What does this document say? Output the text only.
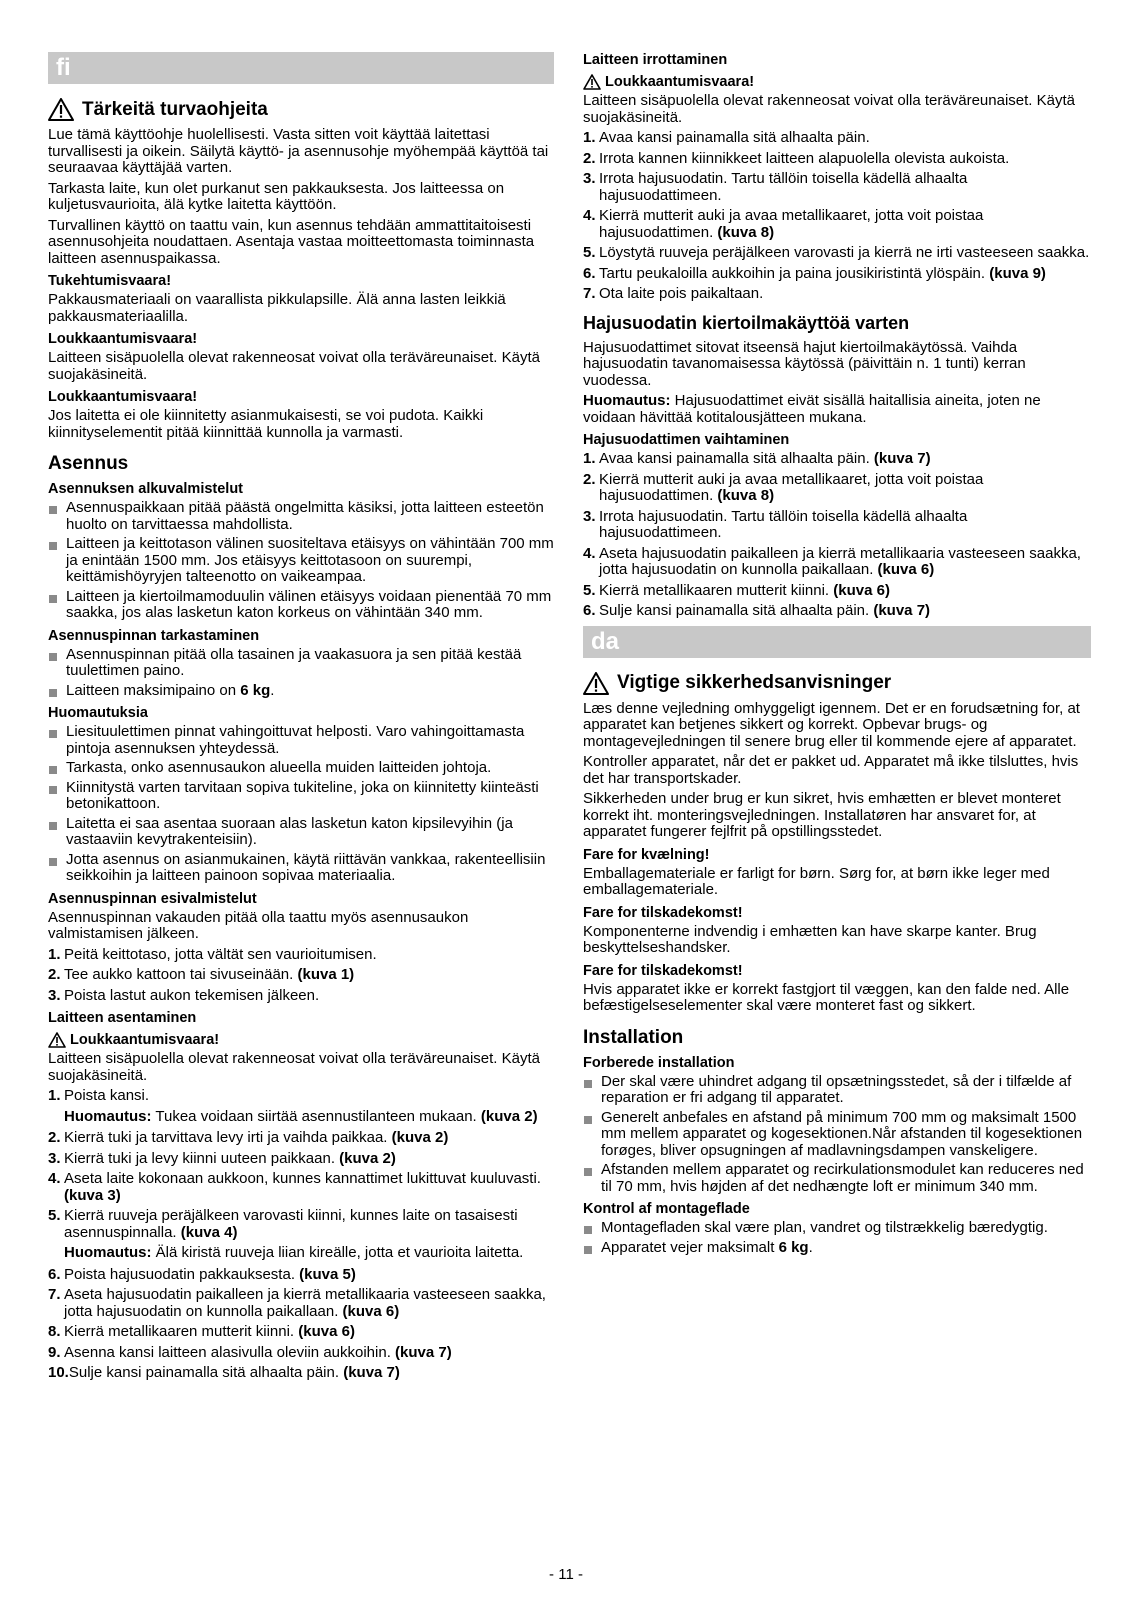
fi
Tärkeitä turvaohjeita

Lue tämä käyttöohje huolellisesti. Vasta sitten voit käyttää laitettasi turvallisesti ja oikein. Säilytä käyttö- ja asennusohje myöhempää käyttöä tai seuraavaa käyttäjää varten.

Tarkasta laite, kun olet purkanut sen pakkauksesta. Jos laitteessa on kuljetusvaurioita, älä kytke laitetta käyttöön.

Turvallinen käyttö on taattu vain, kun asennus tehdään ammattitaitoisesti asennusohjeita noudattaen. Asentaja vastaa moitteettomasta toiminnasta laitteen asennuspaikassa.

Tukehtumisvaara!

Pakkausmateriaali on vaarallista pikkulapsille. Älä anna lasten leikkiä pakkausmateriaalilla.

Loukkaantumisvaara!

Laitteen sisäpuolella olevat rakenneosat voivat olla teräväreunaiset. Käytä suojakäsineitä.

Loukkaantumisvaara!

Jos laitetta ei ole kiinnitetty asianmukaisesti, se voi pudota. Kaikki kiinnityselementit pitää kiinnittää kunnolla ja varmasti.

Asennus
Asennuksen alkuvalmistelut
Asennuspaikkaan pitää päästä ongelmitta käsiksi, jotta laitteen esteetön huolto on tarvittaessa mahdollista.
Laitteen ja keittotason välinen suositeltava etäisyys on vähintään 700 mm ja enintään 1500 mm. Jos etäisyys keittotasoon on suurempi, keittämishöyryjen talteenotto on vaikeampaa.
Laitteen ja kiertoilmamoduulin välinen etäisyys voidaan pienentää 70 mm saakka, jos alas lasketun katon korkeus on vähintään 340 mm.
Asennuspinnan tarkastaminen
Asennuspinnan pitää olla tasainen ja vaakasuora ja sen pitää kestää tuulettimen paino.
Laitteen maksimipaino on 6 kg.
Huomautuksia
Liesituulettimen pinnat vahingoittuvat helposti. Varo vahingoittamasta pintoja asennuksen yhteydessä.
Tarkasta, onko asennusaukon alueella muiden laitteiden johtoja.
Kiinnitystä varten tarvitaan sopiva tukiteline, joka on kiinnitetty kiinteästi betonikattoon.
Laitetta ei saa asentaa suoraan alas lasketun katon kipsilevyihin (ja vastaaviin kevytrakenteisiin).
Jotta asennus on asianmukainen, käytä riittävän vankkaa, rakenteellisiin seikkoihin ja laitteen painoon sopivaa materiaalia.
Asennuspinnan esivalmistelut

Asennuspinnan vakauden pitää olla taattu myös asennusaukon valmistamisen jälkeen.

1. Peitä keittotaso, jotta vältät sen vaurioitumisen.
2. Tee aukko kattoon tai sivuseinään. (kuva 1)
3. Poista lastut aukon tekemisen jälkeen.
Laitteen asentaminen
Loukkaantumisvaara!

Laitteen sisäpuolella olevat rakenneosat voivat olla teräväreunaiset. Käytä suojakäsineitä.

1. Poista kansi.
Huomautus: Tukea voidaan siirtää asennustilanteen mukaan. (kuva 2)
2. Kierrä tuki ja tarvittava levy irti ja vaihda paikkaa. (kuva 2)
3. Kierrä tuki ja levy kiinni uuteen paikkaan. (kuva 2)
4. Aseta laite kokonaan aukkoon, kunnes kannattimet lukittuvat kuuluvasti. (kuva 3)
5. Kierrä ruuveja peräjälkeen varovasti kiinni, kunnes laite on tasaisesti asennuspinnalla. (kuva 4)
Huomautus: Älä kiristä ruuveja liian kireälle, jotta et vaurioita laitetta.
6. Poista hajusuodatin pakkauksesta. (kuva 5)
7. Aseta hajusuodatin paikalleen ja kierrä metallikaaria vasteeseen saakka, jotta hajusuodatin on kunnolla paikallaan. (kuva 6)
8. Kierrä metallikaaren mutterit kiinni. (kuva 6)
9. Asenna kansi laitteen alasivulla oleviin aukkoihin. (kuva 7)
10. Sulje kansi painamalla sitä alhaalta päin. (kuva 7)
Laitteen irrottaminen
Loukkaantumisvaara!

Laitteen sisäpuolella olevat rakenneosat voivat olla teräväreunaiset. Käytä suojakäsineitä.

1. Avaa kansi painamalla sitä alhaalta päin.
2. Irrota kannen kiinnikkeet laitteen alapuolella olevista aukoista.
3. Irrota hajusuodatin. Tartu tällöin toisella kädellä alhaalta hajusuodattimeen.
4. Kierrä mutterit auki ja avaa metallikaaret, jotta voit poistaa hajusuodattimen. (kuva 8)
5. Löystytä ruuveja peräjälkeen varovasti ja kierrä ne irti vasteeseen saakka.
6. Tartu peukaloilla aukkoihin ja paina jousikiristintä ylöspäin. (kuva 9)
7. Ota laite pois paikaltaan.
Hajusuodatin kiertoilmakäyttöä varten

Hajusuodattimet sitovat itseensä hajut kiertoilmakäytössä. Vaihda hajusuodatin tavanomaisessa käytössä (päivittäin n. 1 tunti) kerran vuodessa.

Huomautus: Hajusuodattimet eivät sisällä haitallisia aineita, joten ne voidaan hävittää kotitalousjätteen mukana.

Hajusuodattimen vaihtaminen
1. Avaa kansi painamalla sitä alhaalta päin. (kuva 7)
2. Kierrä mutterit auki ja avaa metallikaaret, jotta voit poistaa hajusuodattimen. (kuva 8)
3. Irrota hajusuodatin. Tartu tällöin toisella kädellä alhaalta hajusuodattimeen.
4. Aseta hajusuodatin paikalleen ja kierrä metallikaaria vasteeseen saakka, jotta hajusuodatin on kunnolla paikallaan. (kuva 6)
5. Kierrä metallikaaren mutterit kiinni. (kuva 6)
6. Sulje kansi painamalla sitä alhaalta päin. (kuva 7)
da
Vigtige sikkerhedsanvisninger

Læs denne vejledning omhyggeligt igennem. Det er en forudsætning for, at apparatet kan betjenes sikkert og korrekt. Opbevar brugs- og montagevejledningen til senere brug eller til kommende ejere af apparatet.

Kontroller apparatet, når det er pakket ud. Apparatet må ikke tilsluttes, hvis det har transportskader.

Sikkerheden under brug er kun sikret, hvis emhætten er blevet monteret korrekt iht. monteringsvejledningen. Installatøren har ansvaret for, at apparatet fungerer fejlfrit på opstillingsstedet.

Fare for kvælning!

Emballagemateriale er farligt for børn. Sørg for, at børn ikke leger med emballagemateriale.

Fare for tilskadekomst!

Komponenterne indvendig i emhætten kan have skarpe kanter. Brug beskyttelseshandsker.

Fare for tilskadekomst!

Hvis apparatet ikke er korrekt fastgjort til væggen, kan den falde ned. Alle befæstigelseselementer skal være monteret fast og sikkert.

Installation
Forberede installation
Der skal være uhindret adgang til opsætningsstedet, så der i tilfælde af reparation er fri adgang til apparatet.
Generelt anbefales en afstand på minimum 700 mm og maksimalt 1500 mm mellem apparatet og kogesektionen.Når afstanden til kogesektionen forøges, bliver opsugningen af madlavningsdampen vanskeligere.
Afstanden mellem apparatet og recirkulationsmodulet kan reduceres ned til 70 mm, hvis højden af det nedhængte loft er minimum 340 mm.
Kontrol af montageflade
Montagefladen skal være plan, vandret og tilstrækkelig bæredygtig.
Apparatet vejer maksimalt 6 kg.
- 11 -
